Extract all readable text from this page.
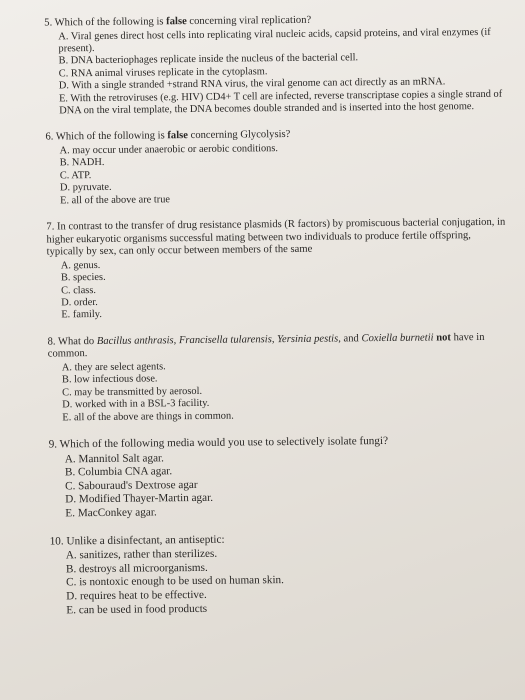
5. Which of the following is false concerning viral replication?
A. Viral genes direct host cells into replicating viral nucleic acids, capsid proteins, and viral enzymes (if present).
B. DNA bacteriophages replicate inside the nucleus of the bacterial cell.
C. RNA animal viruses replicate in the cytoplasm.
D. With a single stranded +strand RNA virus, the viral genome can act directly as an mRNA.
E. With the retroviruses (e.g. HIV) CD4+ T cell are infected, reverse transcriptase copies a single strand of DNA on the viral template, the DNA becomes double stranded and is inserted into the host genome.
6. Which of the following is false concerning Glycolysis?
A. may occur under anaerobic or aerobic conditions.
B. NADH.
C. ATP.
D. pyruvate.
E. all of the above are true
7. In contrast to the transfer of drug resistance plasmids (R factors) by promiscuous bacterial conjugation, in higher eukaryotic organisms successful mating between two individuals to produce fertile offspring, typically by sex, can only occur between members of the same
A. genus.
B. species.
C. class.
D. order.
E. family.
8. What do Bacillus anthrasis, Francisella tularensis, Yersinia pestis, and Coxiella burnetii not have in common.
A. they are select agents.
B. low infectious dose.
C. may be transmitted by aerosol.
D. worked with in a BSL-3 facility.
E. all of the above are things in common.
9. Which of the following media would you use to selectively isolate fungi?
A. Mannitol Salt agar.
B. Columbia CNA agar.
C. Sabouraud's Dextrose agar
D. Modified Thayer-Martin agar.
E. MacConkey agar.
10. Unlike a disinfectant, an antiseptic:
A. sanitizes, rather than sterilizes.
B. destroys all microorganisms.
C. is nontoxic enough to be used on human skin.
D. requires heat to be effective.
E. can be used in food products
